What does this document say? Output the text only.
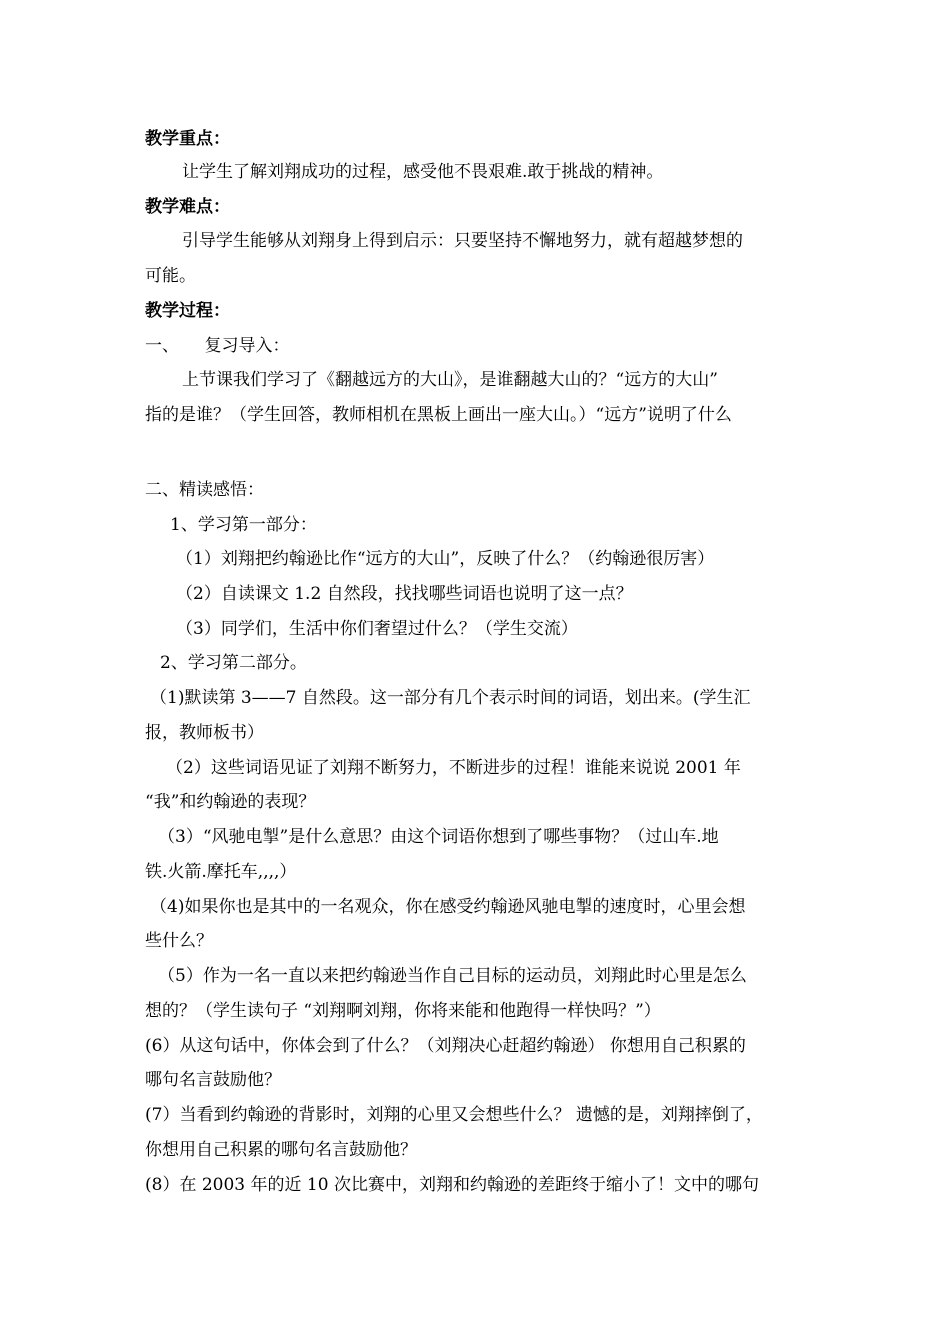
教学重点：
让学生了解刘翔成功的过程，感受他不畏艰难.敢于挑战的精神。
教学难点：
引导学生能够从刘翔身上得到启示：只要坚持不懈地努力，就有超越梦想的
可能。
教学过程：
一、　　复习导入：
上节课我们学习了《翻越远方的大山》，是谁翻越大山的？“远方的大山”
指的是谁？（学生回答，教师相机在黑板上画出一座大山。）“远方”说明了什么
二、精读感悟：
1、学习第一部分：
（1）刘翔把约翰逊比作“远方的大山”，反映了什么？（约翰逊很厉害）
（2）自读课文 1.2 自然段，找找哪些词语也说明了这一点？
（3）同学们，生活中你们奢望过什么？（学生交流）
2、学习第二部分。
（1)默读第 3——7 自然段。这一部分有几个表示时间的词语，划出来。(学生汇
报，教师板书）
（2）这些词语见证了刘翔不断努力，不断进步的过程！谁能来说说 2001 年
“我”和约翰逊的表现？
（3）“风驰电掣”是什么意思？由这个词语你想到了哪些事物？（过山车.地
铁.火箭.摩托车,,,,）
（4)如果你也是其中的一名观众，你在感受约翰逊风驰电掣的速度时，心里会想
些什么？
（5）作为一名一直以来把约翰逊当作自己目标的运动员，刘翔此时心里是怎么
想的？（学生读句子 “刘翔啊刘翔，你将来能和他跑得一样快吗？”）
(6）从这句话中，你体会到了什么？（刘翔决心赶超约翰逊） 你想用自己积累的
哪句名言鼓励他？
(7）当看到约翰逊的背影时，刘翔的心里又会想些什么？ 遗憾的是，刘翔摔倒了，
你想用自己积累的哪句名言鼓励他？
(8）在 2003 年的近 10 次比赛中，刘翔和约翰逊的差距终于缩小了！文中的哪句
